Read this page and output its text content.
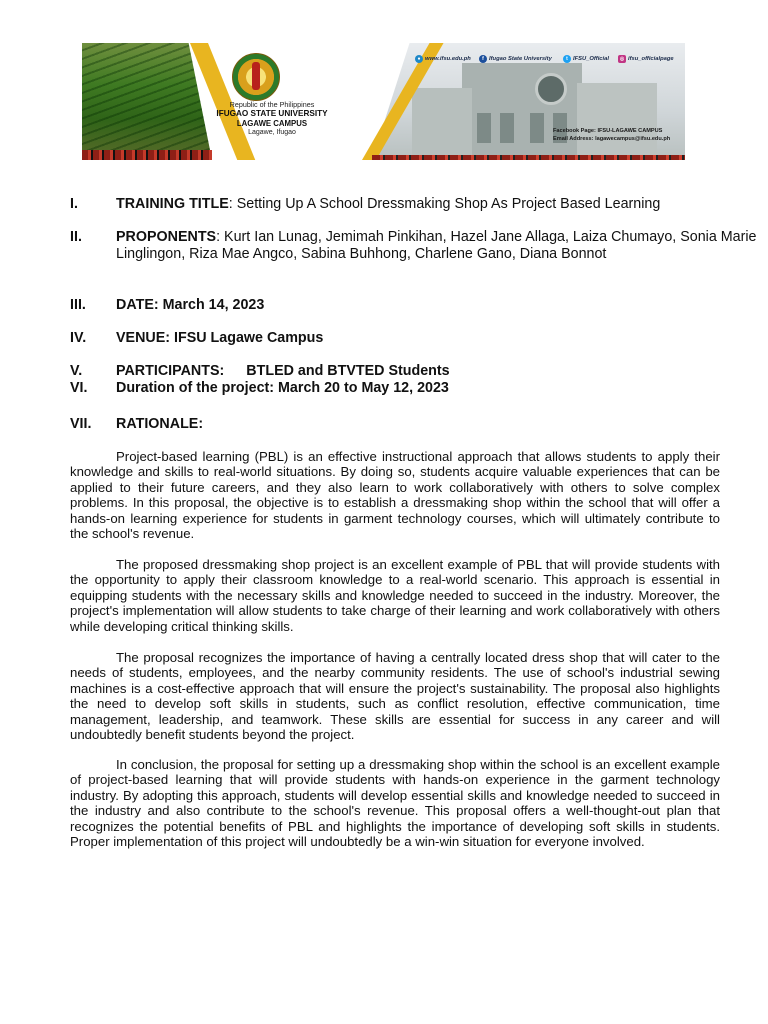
Republic of the Philippines
IFUGAO STATE UNIVERSITY
LAGAWE CAMPUS
Lagawe, Ifugao
● www.ifsu.edu.ph	f Ifugao State University	t IFSU_Official	◎ ifsu_officialpage
Facebook Page: IFSU-LAGAWE CAMPUS
Email Address: lagawecampus@ifsu.edu.ph
I.	TRAINING TITLE: Setting Up A School Dressmaking Shop As Project Based Learning
II. PROPONENTS: Kurt Ian Lunag, Jemimah Pinkihan, Hazel Jane Allaga, Laiza Chumayo, Sonia Marie Linglingon, Riza Mae Angco, Sabina Buhhong, Charlene Gano, Diana Bonnot
III. DATE: March 14, 2023
IV. VENUE: IFSU Lagawe Campus
V. PARTICIPANTS: BTLED and BTVTED Students
VI. Duration of the project: March 20 to May 12, 2023
VII. RATIONALE:

Project-based learning (PBL) is an effective instructional approach that allows students to apply their knowledge and skills to real-world situations. By doing so, students acquire valuable experiences that can be applied to their future careers, and they also learn to work collaboratively with others to solve complex problems. In this proposal, the objective is to establish a dressmaking shop within the school that will offer a hands-on learning experience for students in garment technology courses, which will ultimately contribute to the school's revenue.

The proposed dressmaking shop project is an excellent example of PBL that will provide students with the opportunity to apply their classroom knowledge to a real-world scenario. This approach is essential in equipping students with the necessary skills and knowledge needed to succeed in the industry. Moreover, the project's implementation will allow students to take charge of their learning and work collaboratively with others while developing critical thinking skills.

The proposal recognizes the importance of having a centrally located dress shop that will cater to the needs of students, employees, and the nearby community residents. The use of school's industrial sewing machines is a cost-effective approach that will ensure the project's sustainability. The proposal also highlights the need to develop soft skills in students, such as conflict resolution, effective communication, time management, leadership, and teamwork. These skills are essential for success in any career and will undoubtedly benefit students beyond the project.

In conclusion, the proposal for setting up a dressmaking shop within the school is an excellent example of project-based learning that will provide students with hands-on experience in the garment technology industry. By adopting this approach, students will develop essential skills and knowledge needed to succeed in the industry and also contribute to the school's revenue. This proposal offers a well-thought-out plan that recognizes the potential benefits of PBL and highlights the importance of developing soft skills in students. Proper implementation of this project will undoubtedly be a win-win situation for everyone involved.
